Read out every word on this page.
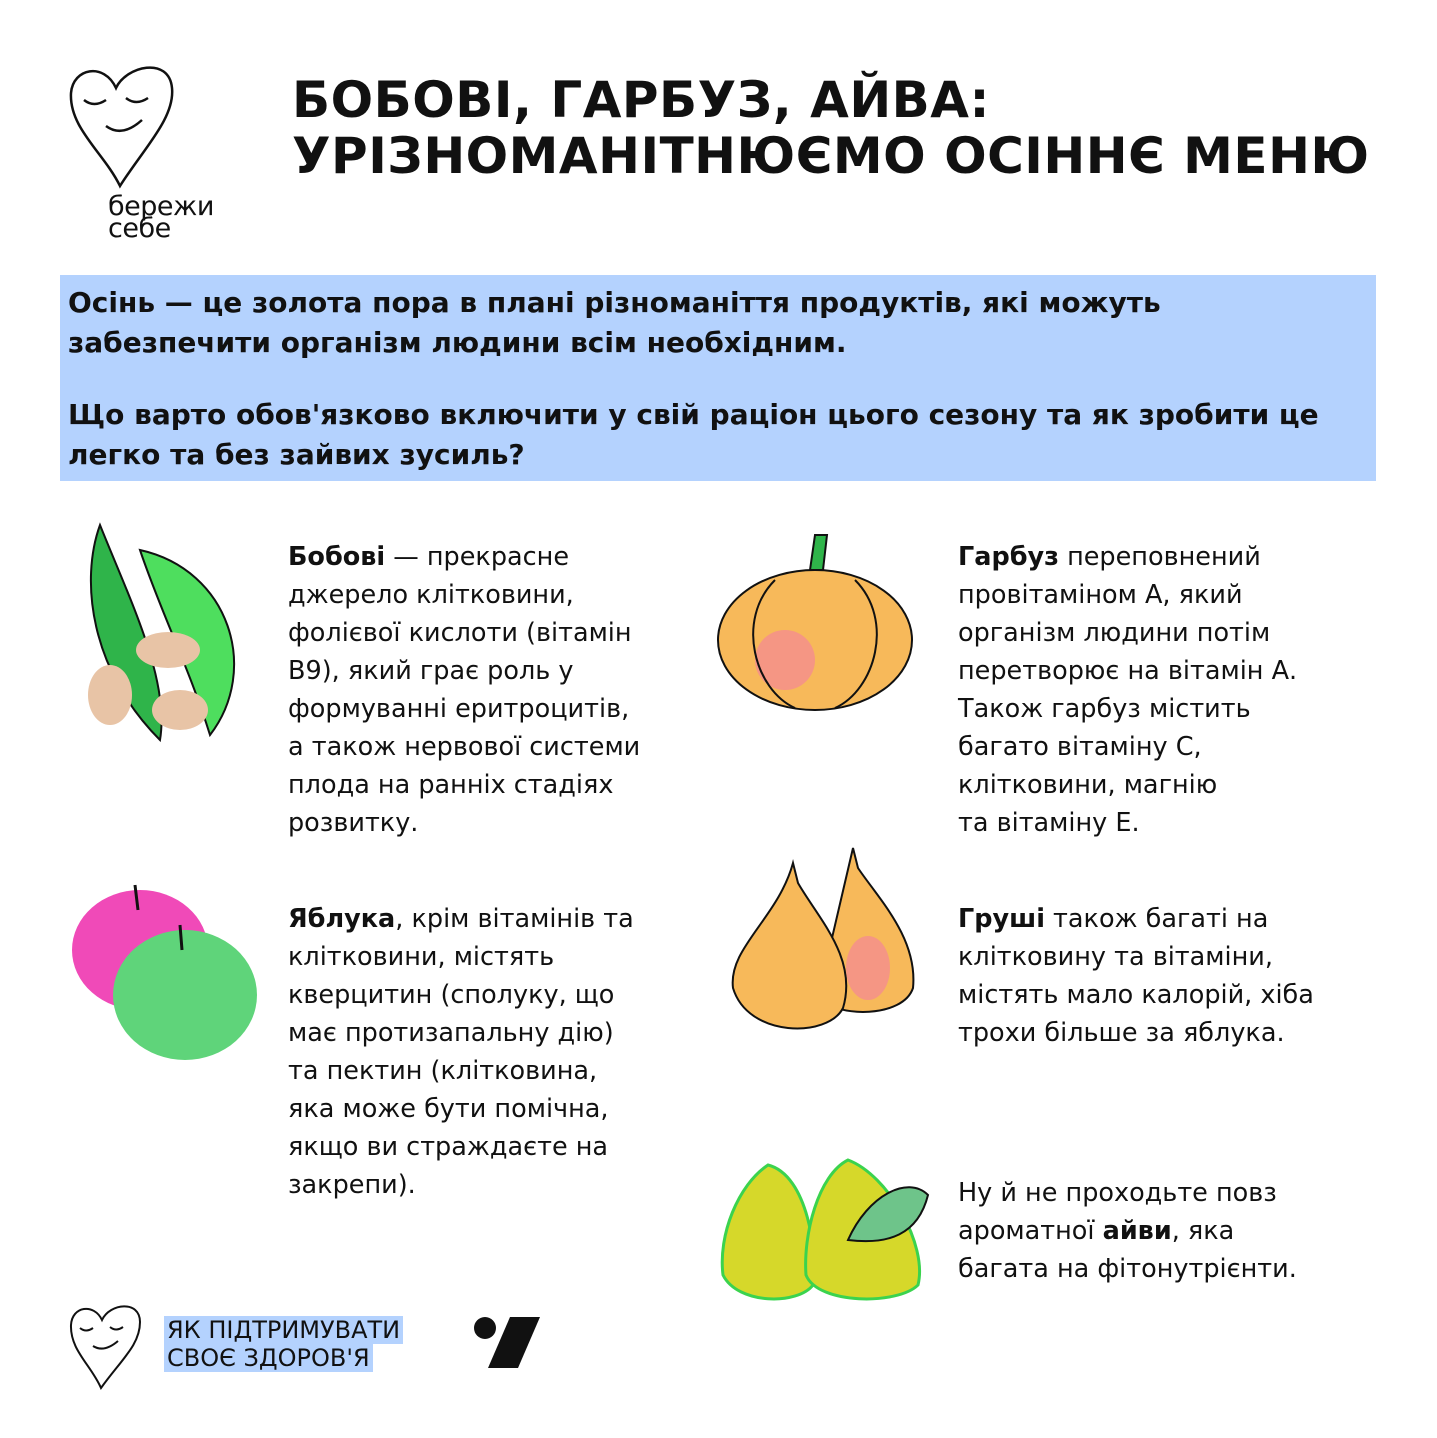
бережи
себе
БОБОВІ, ГАРБУЗ, АЙВА:
УРІЗНОМАНІТНЮЄМО ОСІННЄ МЕНЮ

Осінь — це золота пора в плані різноманіття продуктів, які можуть забезпечити організм людини всім необхідним.

Що варто обов'язково включити у свій раціон цього сезону та як зробити це легко та без зайвих зусиль?

Бобові — прекрасне
джерело клітковини,
фолієвої кислоти (вітамін
B9), який грає роль у
формуванні еритроцитів,
а також нервової системи
плода на ранніх стадіях
розвитку.
Гарбуз переповнений
провітаміном А, який
організм людини потім
перетворює на вітамін А.
Також гарбуз містить
багато вітаміну С,
клітковини, магнію
та вітаміну Е.
Яблука, крім вітамінів та
клітковини, містять
кверцитин (сполуку, що
має протизапальну дію)
та пектин (клітковина,
яка може бути помічна,
якщо ви страждаєте на
закрепи).
Груші також багаті на
клітковину та вітаміни,
містять мало калорій, хіба
трохи більше за яблука.
Ну й не проходьте повз
ароматної айви, яка
багата на фітонутрієнти.
ЯК ПІДТРИМУВАТИ
СВОЄ ЗДОРОВ'Я
